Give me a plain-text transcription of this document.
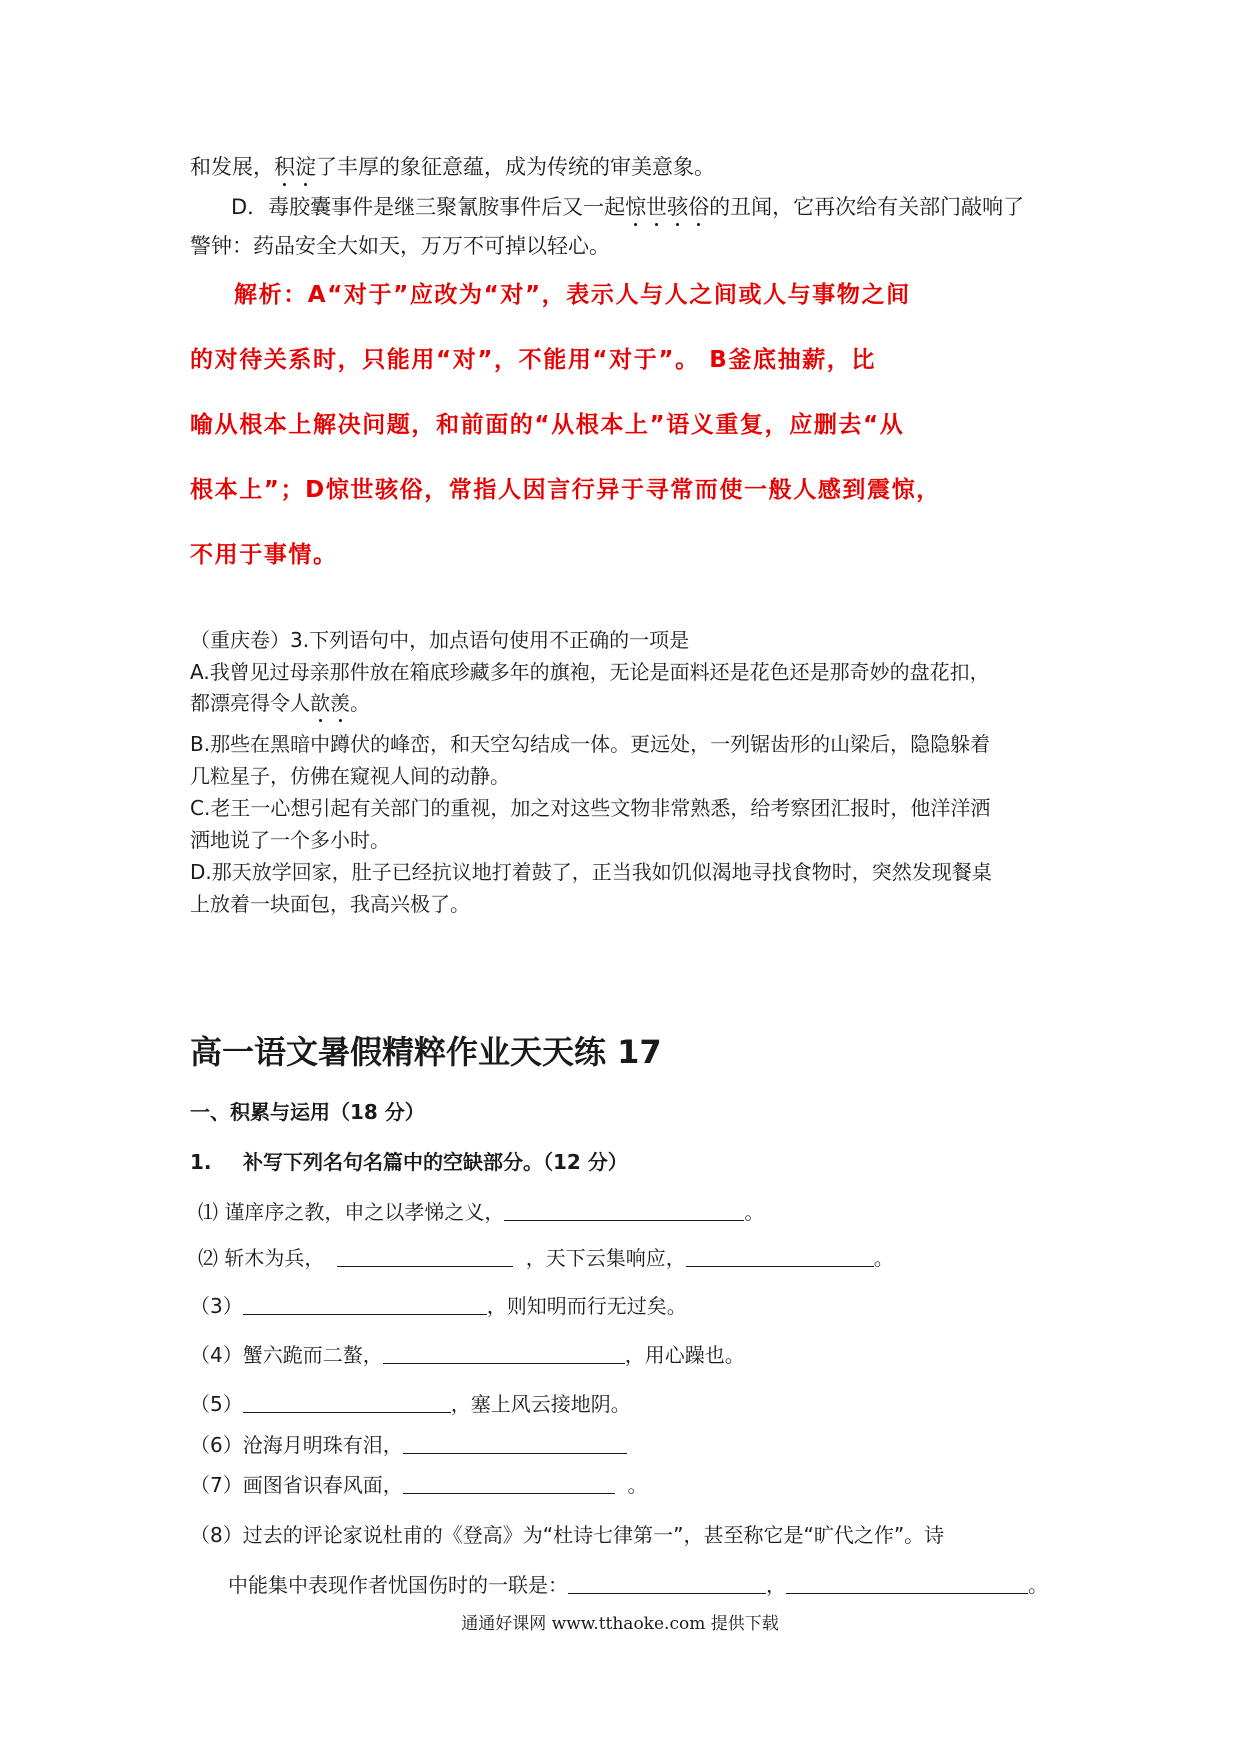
和发展，积淀了丰厚的象征意蕴，成为传统的审美意象。
D．毒胶囊事件是继三聚氰胺事件后又一起惊世骇俗的丑闻，它再次给有关部门敲响了
警钟：药品安全大如天，万万不可掉以轻心。
解析：A“对于”应改为“对”，表示人与人之间或人与事物之间
的对待关系时，只能用“对”，不能用“对于”。 B釜底抽薪，比
喻从根本上解决问题，和前面的“从根本上”语义重复，应删去“从
根本上”；D惊世骇俗，常指人因言行异于寻常而使一般人感到震惊，
不用于事情。
（重庆卷）3.下列语句中，加点语句使用不正确的一项是
A.我曾见过母亲那件放在箱底珍藏多年的旗袍，无论是面料还是花色还是那奇妙的盘花扣，
都漂亮得令人歆羡。
B.那些在黑暗中蹲伏的峰峦，和天空勾结成一体。更远处，一列锯齿形的山梁后，隐隐躲着
几粒星子，仿佛在窥视人间的动静。
C.老王一心想引起有关部门的重视，加之对这些文物非常熟悉，给考察团汇报时，他洋洋洒
洒地说了一个多小时。
D.那天放学回家，肚子已经抗议地打着鼓了，正当我如饥似渴地寻找食物时，突然发现餐桌
上放着一块面包，我高兴极了。
高一语文暑假精粹作业天天练 17
一、积累与运用（18 分）
1. 补写下列名句名篇中的空缺部分。（12 分）
⑴ 谨庠序之教，申之以孝悌之义，	。
⑵ 斩木为兵，	，天下云集响应，	。
（3）	，则知明而行无过矣。
（4）蟹六跪而二螯，	，用心躁也。
（5）	，塞上风云接地阴。
（6）沧海月明珠有泪，
（7）画图省识春风面，	。
（8）过去的评论家说杜甫的《登高》为“杜诗七律第一”，甚至称它是“旷代之作”。诗
中能集中表现作者忧国伤时的一联是：	，	。
通通好课网 www.tthaoke.com 提供下载
